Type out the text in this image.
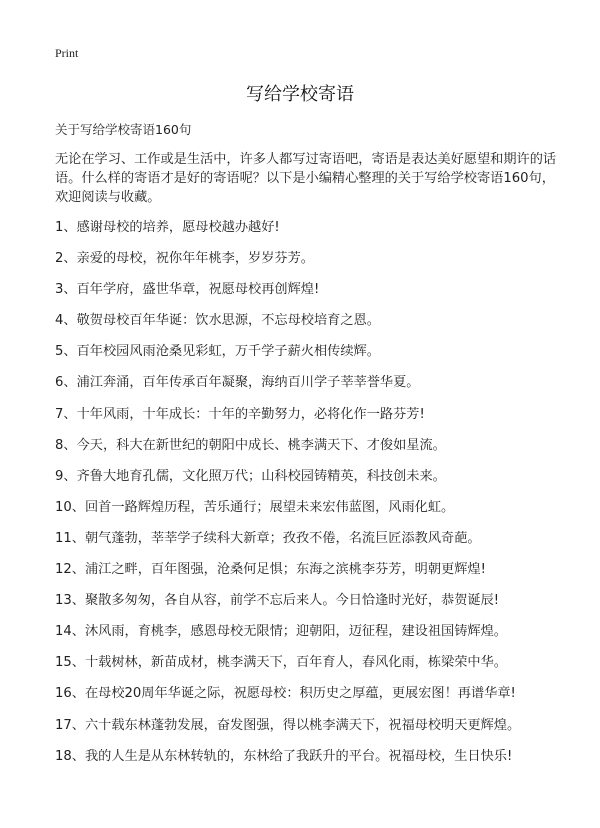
Print
写给学校寄语
关于写给学校寄语160句
无论在学习、工作或是生活中，许多人都写过寄语吧，寄语是表达美好愿望和期许的话语。什么样的寄语才是好的寄语呢？以下是小编精心整理的关于写给学校寄语160句，欢迎阅读与收藏。
1、感谢母校的培养，愿母校越办越好!
2、亲爱的母校，祝你年年桃李，岁岁芬芳。
3、百年学府，盛世华章，祝愿母校再创辉煌!
4、敬贺母校百年华诞：饮水思源，不忘母校培育之恩。
5、百年校园风雨沧桑见彩虹，万千学子薪火相传续辉。
6、浦江奔涌，百年传承百年凝聚，海纳百川学子莘莘誉华夏。
7、十年风雨，十年成长：十年的辛勤努力，必将化作一路芬芳!
8、今天，科大在新世纪的朝阳中成长、桃李满天下、才俊如星流。
9、齐鲁大地育孔儒，文化照万代；山科校园铸精英，科技创未来。
10、回首一路辉煌历程，苦乐通行；展望未来宏伟蓝图，风雨化虹。
11、朝气蓬勃，莘莘学子续科大新章；孜孜不倦，名流巨匠添教风奇葩。
12、浦江之畔，百年图强，沧桑何足惧；东海之滨桃李芬芳，明朝更辉煌!
13、聚散多匆匆，各自从容，前学不忘后来人。今日恰逢时光好，恭贺诞辰!
14、沐风雨，育桃李，感恩母校无限情；迎朝阳，迈征程，建设祖国铸辉煌。
15、十载树林，新苗成材，桃李满天下，百年育人，春风化雨，栋梁荣中华。
16、在母校20周年华诞之际，祝愿母校：积历史之厚蕴，更展宏图！再谱华章!
17、六十载东林蓬勃发展，奋发图强，得以桃李满天下，祝福母校明天更辉煌。
18、我的人生是从东林转轨的，东林给了我跃升的平台。祝福母校，生日快乐!
